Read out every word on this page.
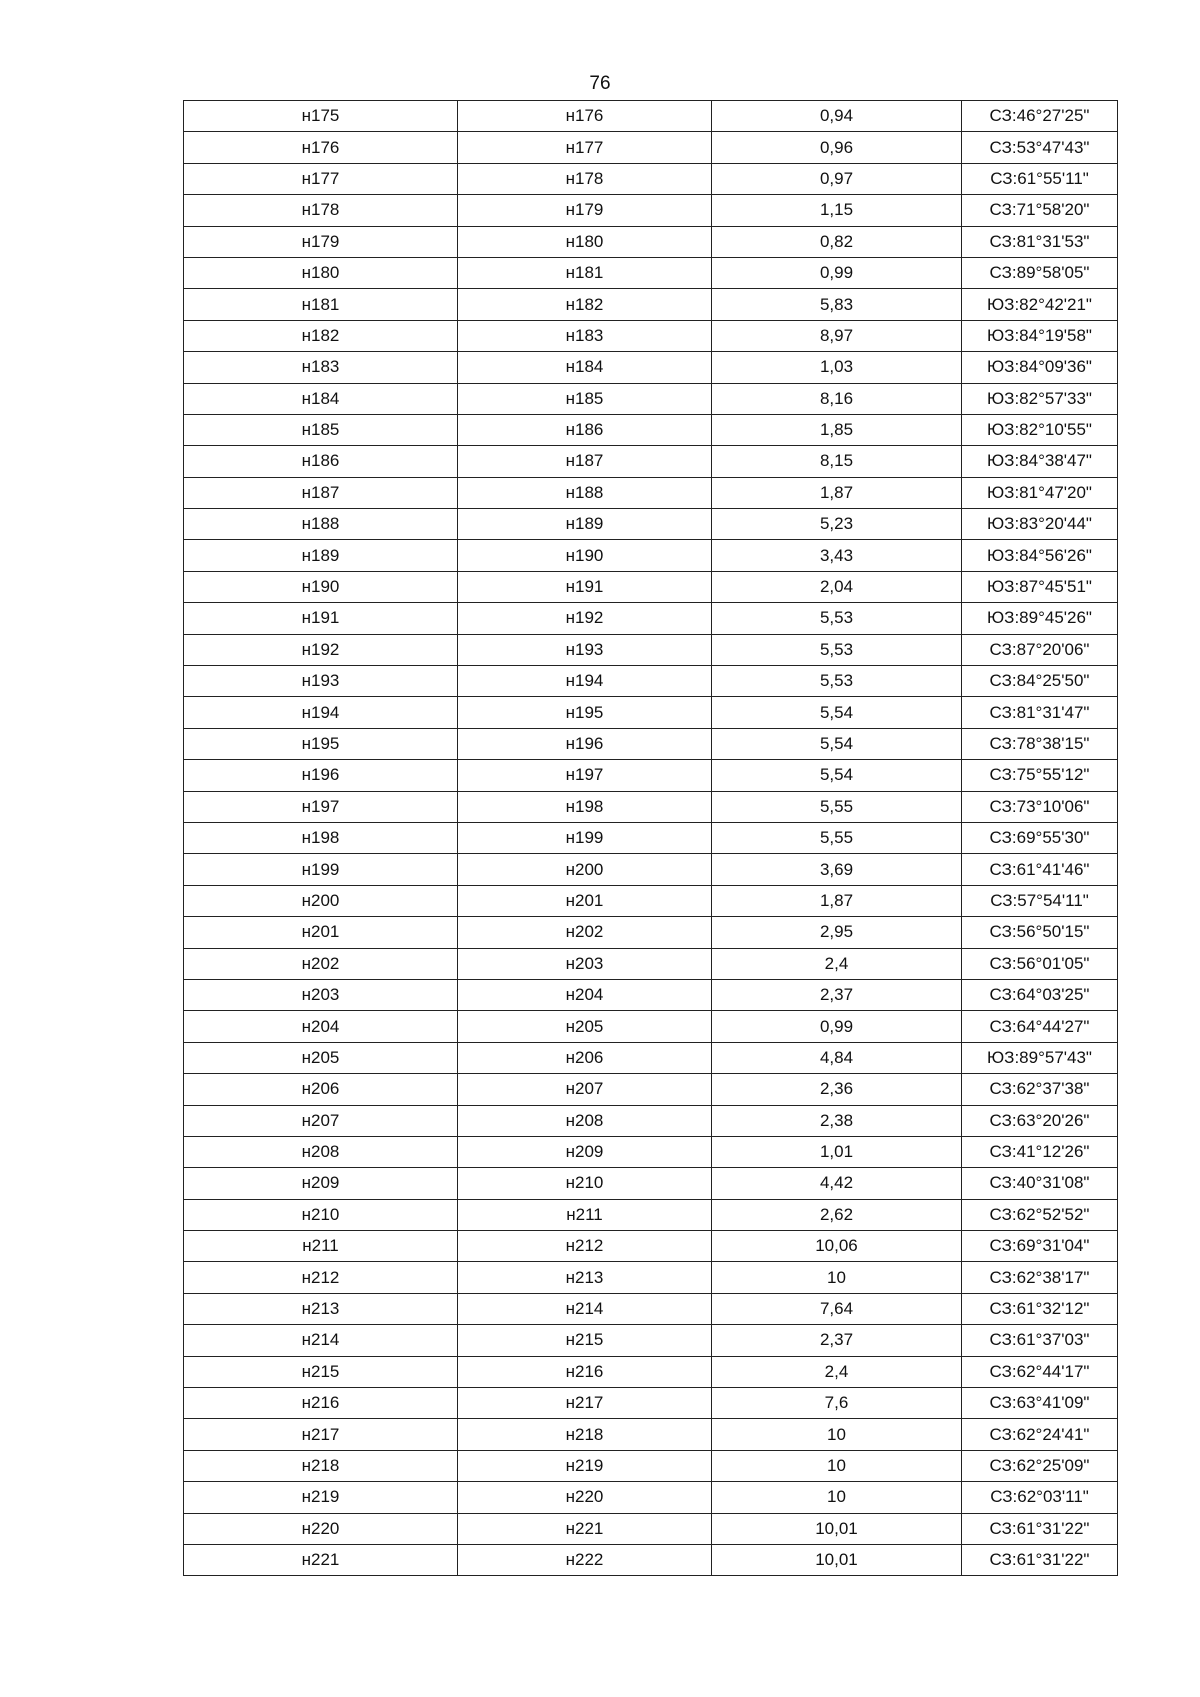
76
н175	н176	0,94	СЗ:46°27'25"
н176	н177	0,96	СЗ:53°47'43"
н177	н178	0,97	СЗ:61°55'11"
н178	н179	1,15	СЗ:71°58'20"
н179	н180	0,82	СЗ:81°31'53"
н180	н181	0,99	СЗ:89°58'05"
н181	н182	5,83	ЮЗ:82°42'21"
н182	н183	8,97	ЮЗ:84°19'58"
н183	н184	1,03	ЮЗ:84°09'36"
н184	н185	8,16	ЮЗ:82°57'33"
н185	н186	1,85	ЮЗ:82°10'55"
н186	н187	8,15	ЮЗ:84°38'47"
н187	н188	1,87	ЮЗ:81°47'20"
н188	н189	5,23	ЮЗ:83°20'44"
н189	н190	3,43	ЮЗ:84°56'26"
н190	н191	2,04	ЮЗ:87°45'51"
н191	н192	5,53	ЮЗ:89°45'26"
н192	н193	5,53	СЗ:87°20'06"
н193	н194	5,53	СЗ:84°25'50"
н194	н195	5,54	СЗ:81°31'47"
н195	н196	5,54	СЗ:78°38'15"
н196	н197	5,54	СЗ:75°55'12"
н197	н198	5,55	СЗ:73°10'06"
н198	н199	5,55	СЗ:69°55'30"
н199	н200	3,69	СЗ:61°41'46"
н200	н201	1,87	СЗ:57°54'11"
н201	н202	2,95	СЗ:56°50'15"
н202	н203	2,4	СЗ:56°01'05"
н203	н204	2,37	СЗ:64°03'25"
н204	н205	0,99	СЗ:64°44'27"
н205	н206	4,84	ЮЗ:89°57'43"
н206	н207	2,36	СЗ:62°37'38"
н207	н208	2,38	СЗ:63°20'26"
н208	н209	1,01	СЗ:41°12'26"
н209	н210	4,42	СЗ:40°31'08"
н210	н211	2,62	СЗ:62°52'52"
н211	н212	10,06	СЗ:69°31'04"
н212	н213	10	СЗ:62°38'17"
н213	н214	7,64	СЗ:61°32'12"
н214	н215	2,37	СЗ:61°37'03"
н215	н216	2,4	СЗ:62°44'17"
н216	н217	7,6	СЗ:63°41'09"
н217	н218	10	СЗ:62°24'41"
н218	н219	10	СЗ:62°25'09"
н219	н220	10	СЗ:62°03'11"
н220	н221	10,01	СЗ:61°31'22"
н221	н222	10,01	СЗ:61°31'22"
